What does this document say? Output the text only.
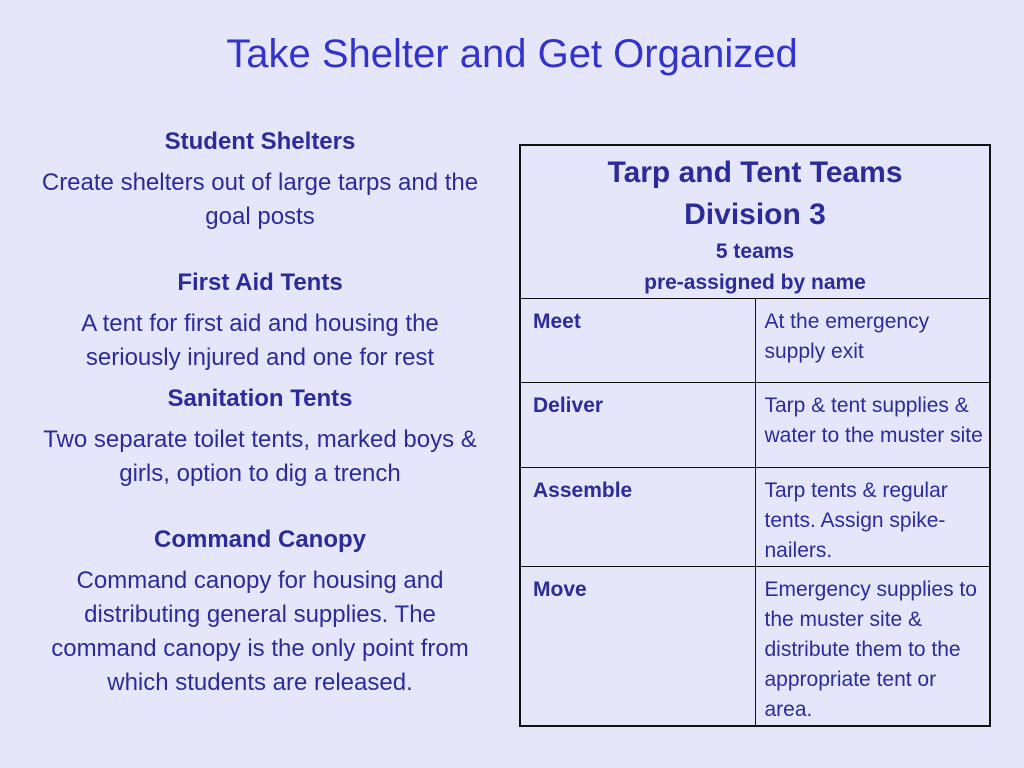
Take Shelter and Get Organized

Student Shelters

Create shelters out of large tarps and the goal posts

First Aid Tents

A tent for first aid and housing the seriously injured and one for rest

Sanitation Tents

Two separate toilet tents, marked boys & girls, option to dig a trench

Command Canopy

Command canopy for housing and distributing general supplies. The command canopy is the only point from which students are released.

Tarp and Tent Teams
Division 3
5 teams
pre-assigned by name	

Meet	At the emergency supply exit
Deliver	Tarp & tent supplies & water to the muster site
Assemble	Tarp tents & regular tents. Assign spike-nailers.
Move	Emergency supplies to the muster site & distribute them to the appropriate tent or area.
